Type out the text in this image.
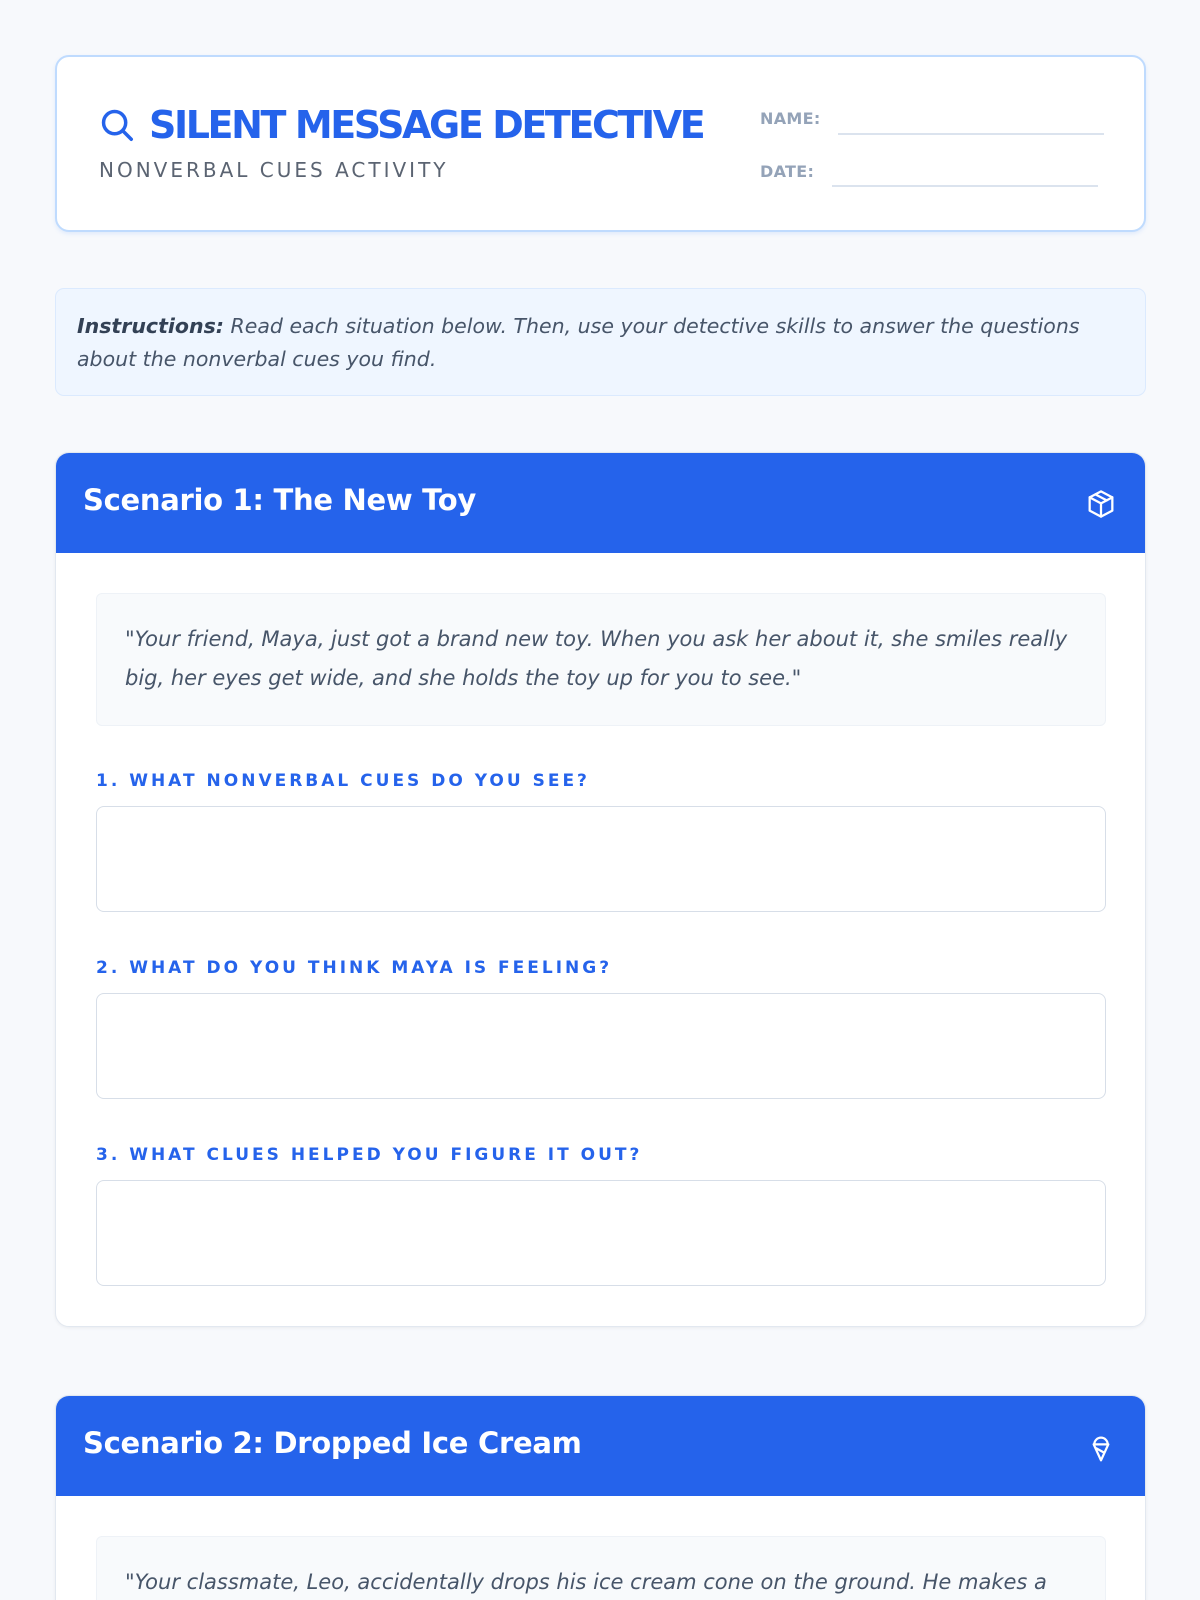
SILENT MESSAGE DETECTIVE
NONVERBAL CUES ACTIVITY
NAME:
DATE:
Instructions: Read each situation below. Then, use your detective skills to answer the questions about the nonverbal cues you find.
Scenario 1: The New Toy
"Your friend, Maya, just got a brand new toy. When you ask her about it, she smiles really big, her eyes get wide, and she holds the toy up for you to see."
1. WHAT NONVERBAL CUES DO YOU SEE?
2. WHAT DO YOU THINK MAYA IS FEELING?
3. WHAT CLUES HELPED YOU FIGURE IT OUT?
Scenario 2: Dropped Ice Cream
"Your classmate, Leo, accidentally drops his ice cream cone on the ground. He makes a
